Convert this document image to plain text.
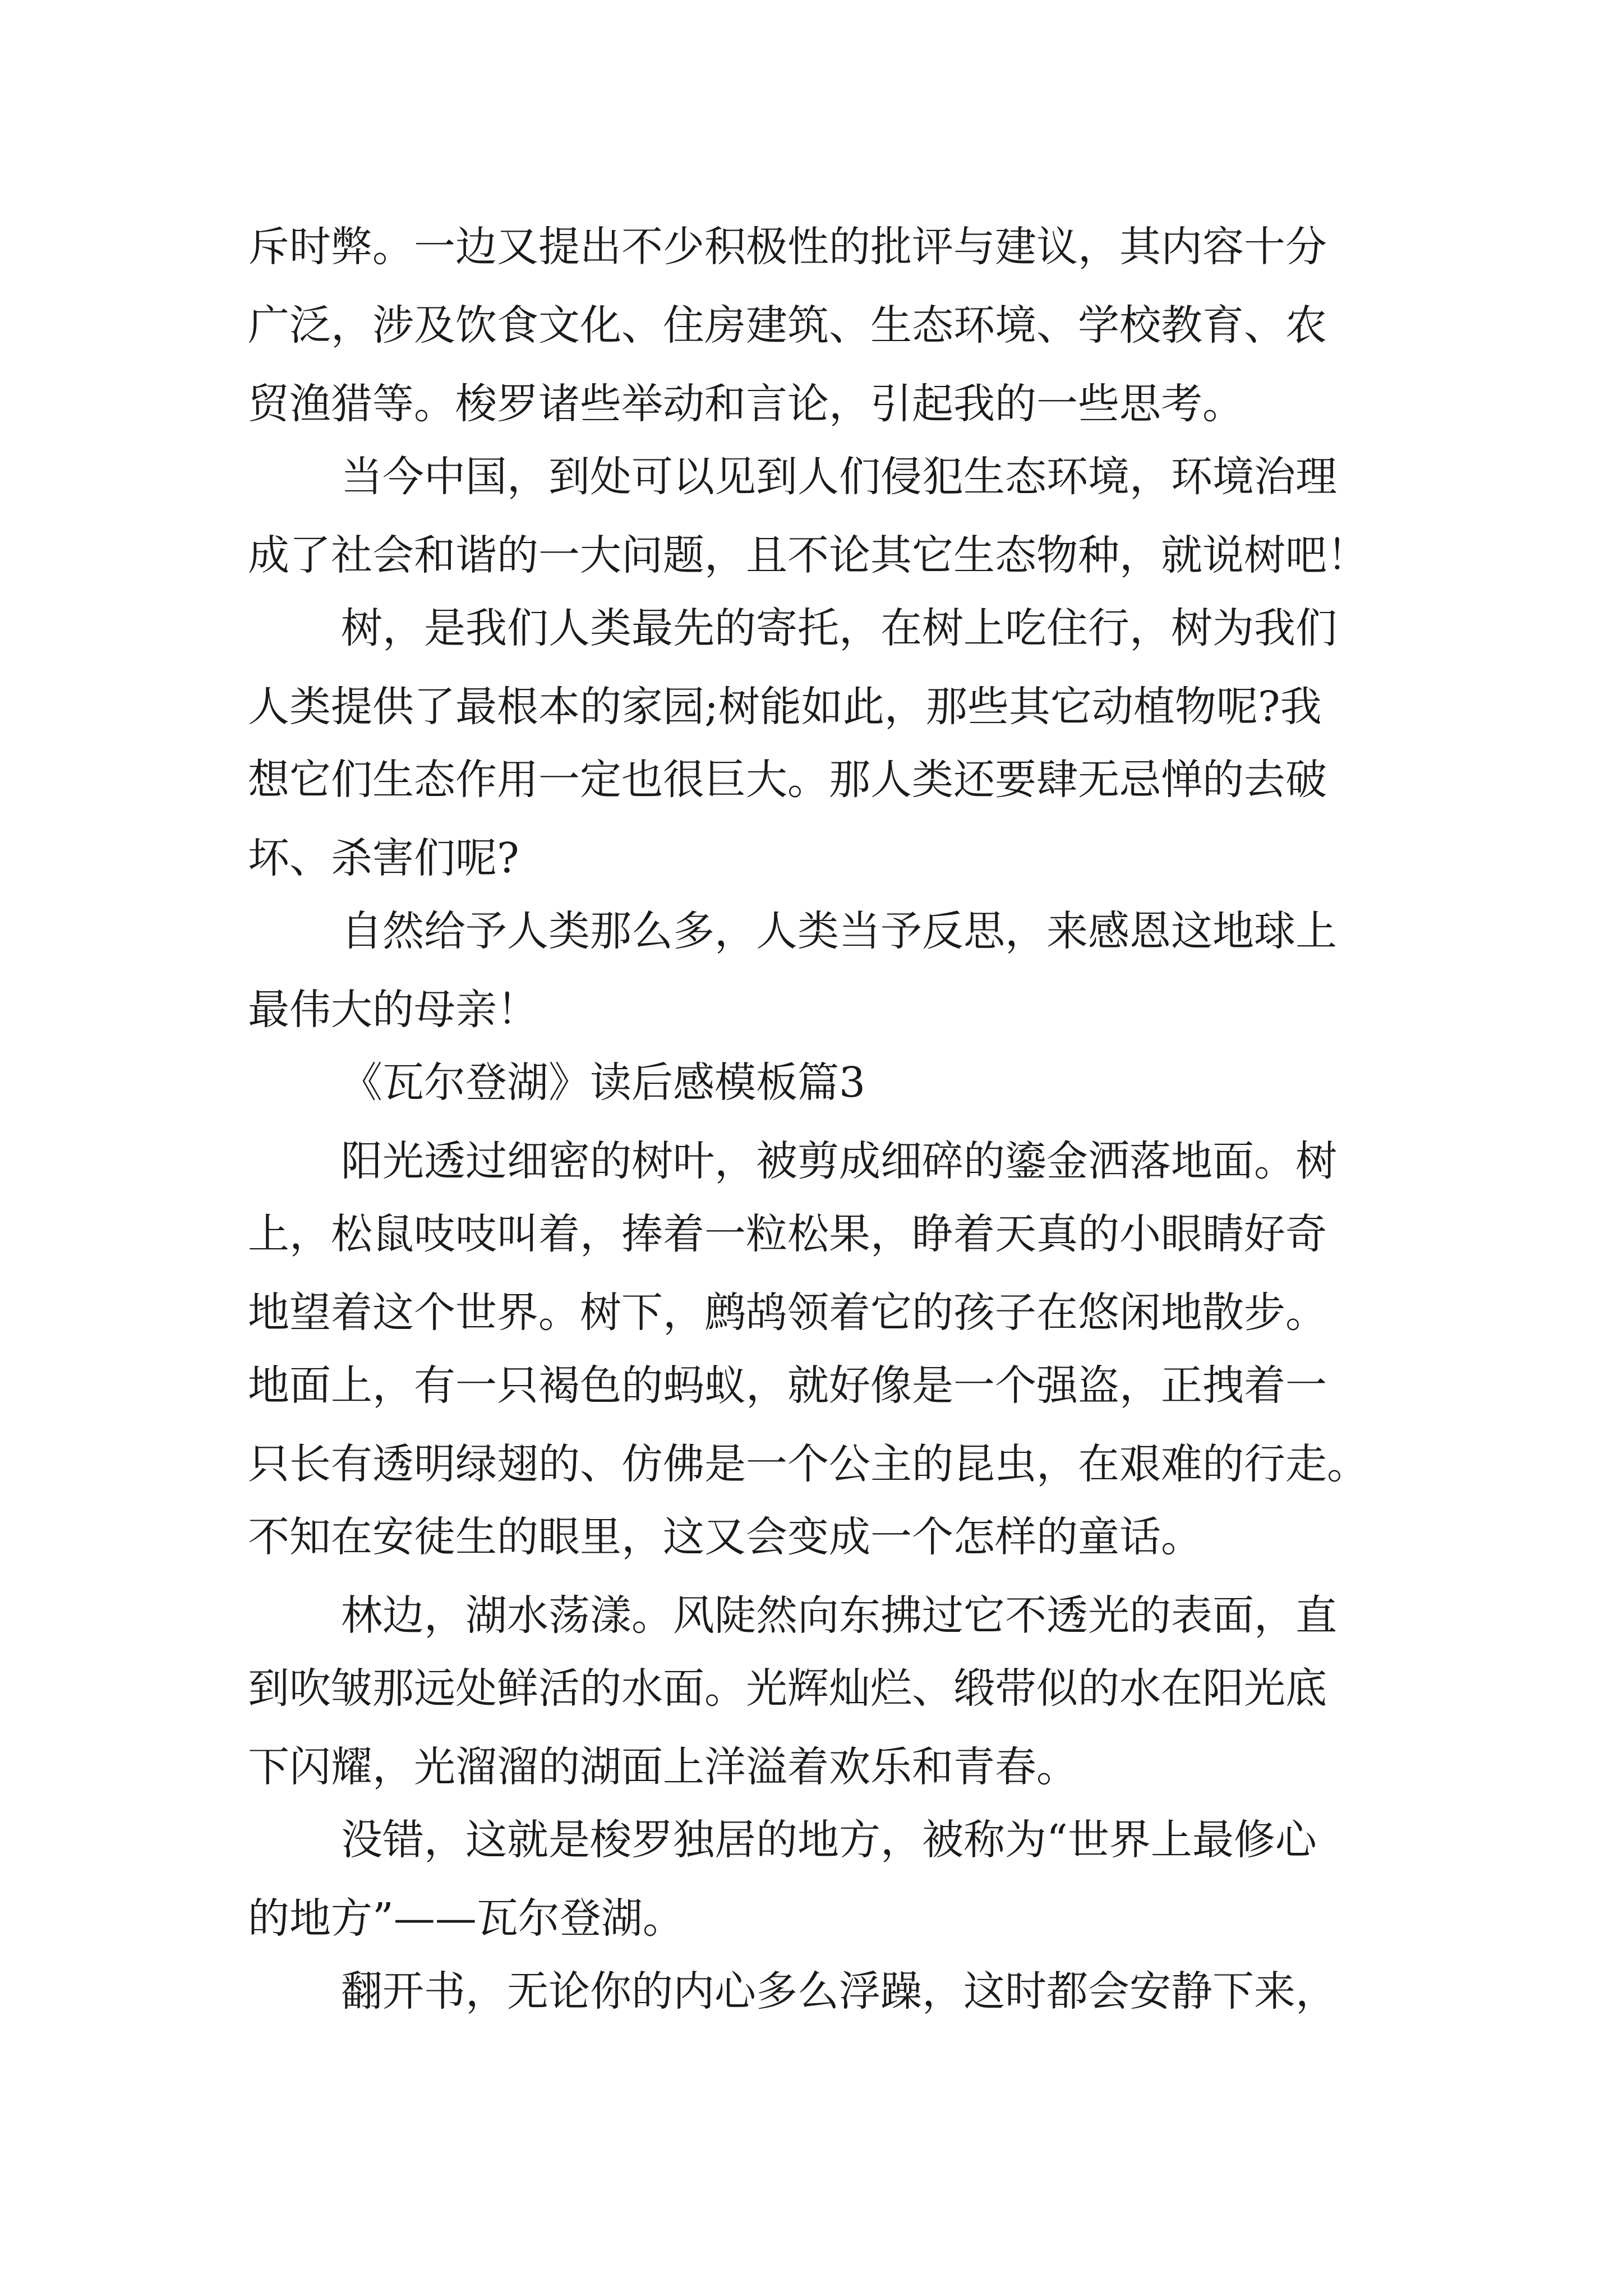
斥时弊。一边又提出不少积极性的批评与建议，其内容十分
广泛，涉及饮食文化、住房建筑、生态环境、学校教育、农
贸渔猎等。梭罗诸些举动和言论，引起我的一些思考。
当今中国，到处可以见到人们侵犯生态环境，环境治理
成了社会和谐的一大问题，且不论其它生态物种，就说树吧！
树，是我们人类最先的寄托，在树上吃住行，树为我们
人类提供了最根本的家园;树能如此，那些其它动植物呢?我
想它们生态作用一定也很巨大。那人类还要肆无忌惮的去破
坏、杀害们呢?
自然给予人类那么多，人类当予反思，来感恩这地球上
最伟大的母亲！
《瓦尔登湖》读后感模板篇3
阳光透过细密的树叶，被剪成细碎的鎏金洒落地面。树
上，松鼠吱吱叫着，捧着一粒松果，睁着天真的小眼睛好奇
地望着这个世界。树下，鹧鸪领着它的孩子在悠闲地散步。
地面上，有一只褐色的蚂蚁，就好像是一个强盗，正拽着一
只长有透明绿翅的、仿佛是一个公主的昆虫，在艰难的行走。
不知在安徒生的眼里，这又会变成一个怎样的童话。
林边，湖水荡漾。风陡然向东拂过它不透光的表面，直
到吹皱那远处鲜活的水面。光辉灿烂、缎带似的水在阳光底
下闪耀，光溜溜的湖面上洋溢着欢乐和青春。
没错，这就是梭罗独居的地方，被称为“世界上最修心
的地方”——瓦尔登湖。
翻开书，无论你的内心多么浮躁，这时都会安静下来，
